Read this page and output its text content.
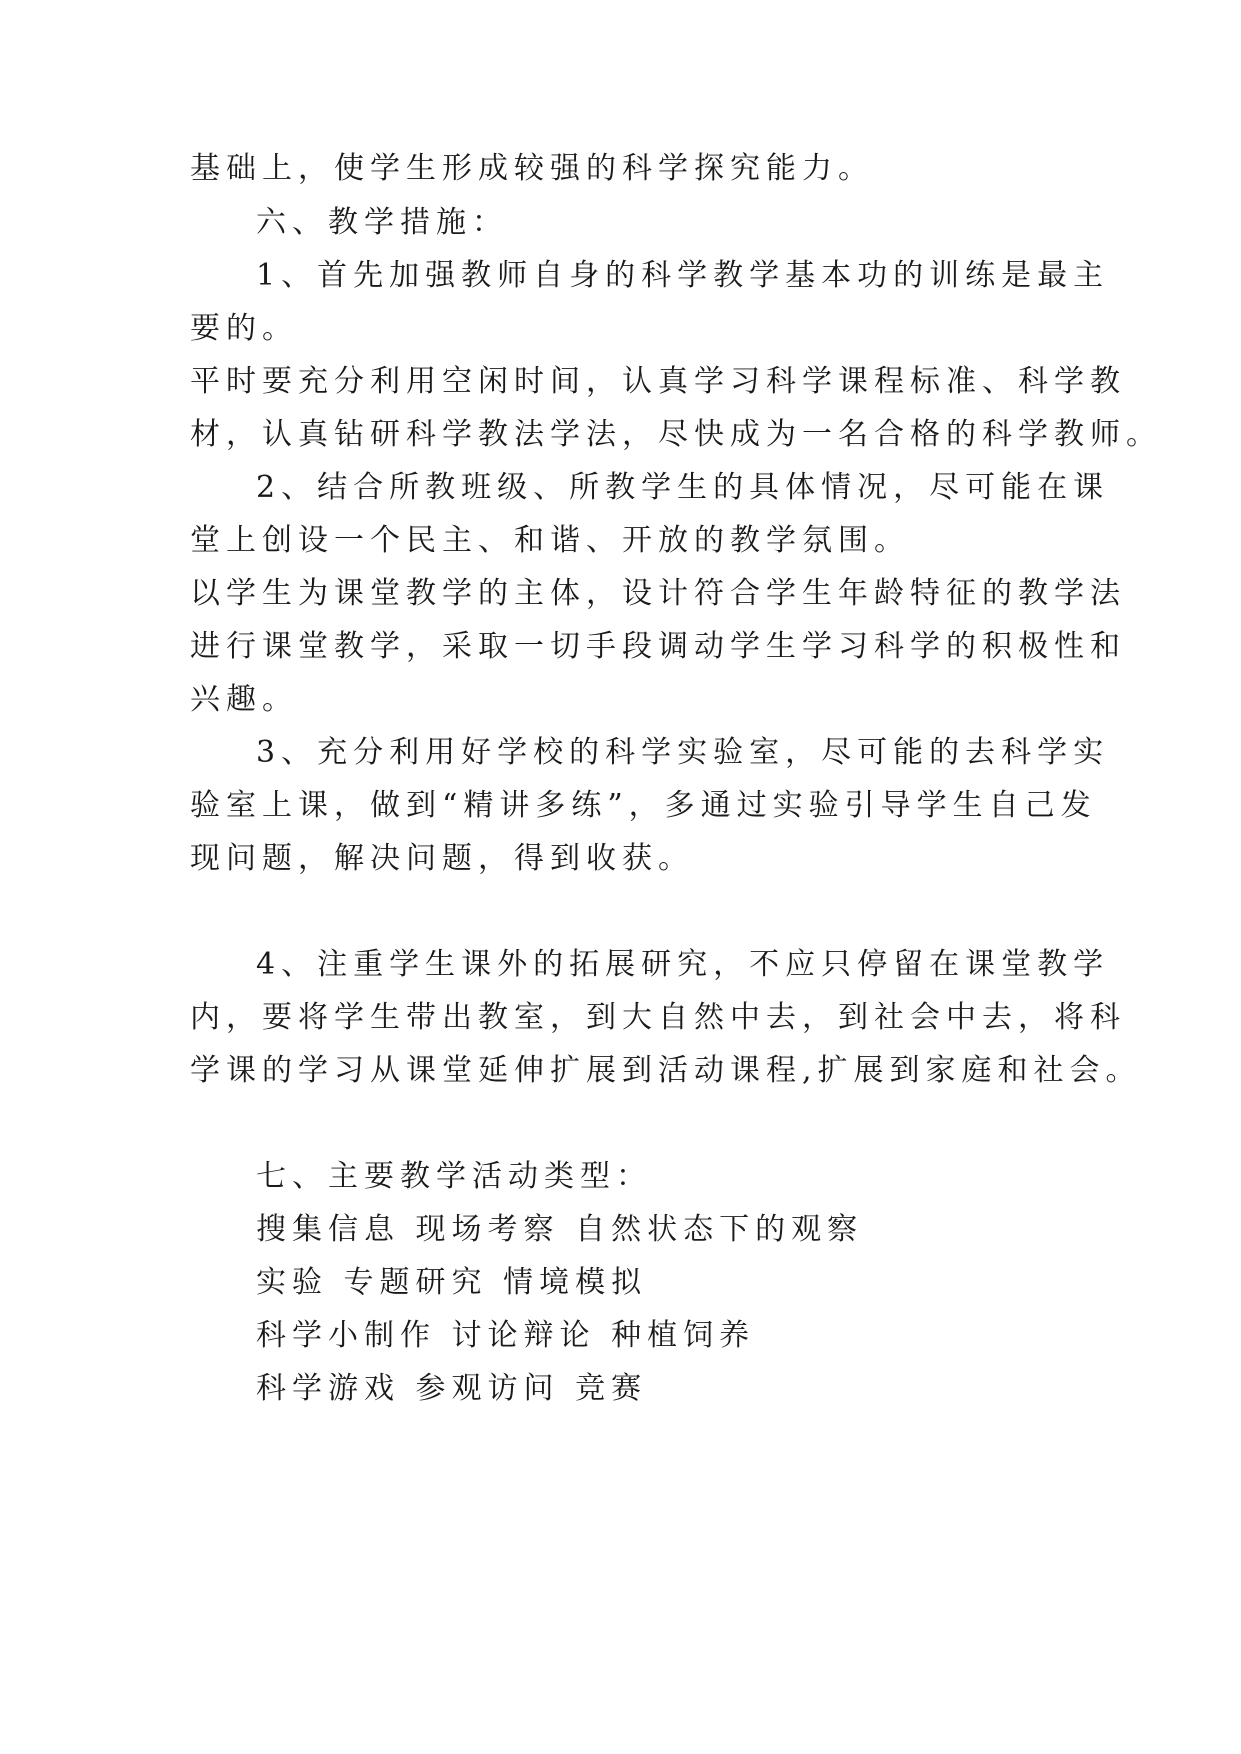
基础上，使学生形成较强的科学探究能力。
六、教学措施：
1、首先加强教师自身的科学教学基本功的训练是最主
要的。
平时要充分利用空闲时间，认真学习科学课程标准、科学教
材，认真钻研科学教法学法，尽快成为一名合格的科学教师。
2、结合所教班级、所教学生的具体情况，尽可能在课
堂上创设一个民主、和谐、开放的教学氛围。
以学生为课堂教学的主体，设计符合学生年龄特征的教学法
进行课堂教学，采取一切手段调动学生学习科学的积极性和
兴趣。
3、充分利用好学校的科学实验室，尽可能的去科学实
验室上课，做到“精讲多练”，多通过实验引导学生自己发
现问题，解决问题，得到收获。
4、注重学生课外的拓展研究，不应只停留在课堂教学
内，要将学生带出教室，到大自然中去，到社会中去，将科
学课的学习从课堂延伸扩展到活动课程,扩展到家庭和社会。
七、主要教学活动类型：
搜集信息 现场考察 自然状态下的观察
实验 专题研究 情境模拟
科学小制作 讨论辩论 种植饲养
科学游戏 参观访问 竞赛
